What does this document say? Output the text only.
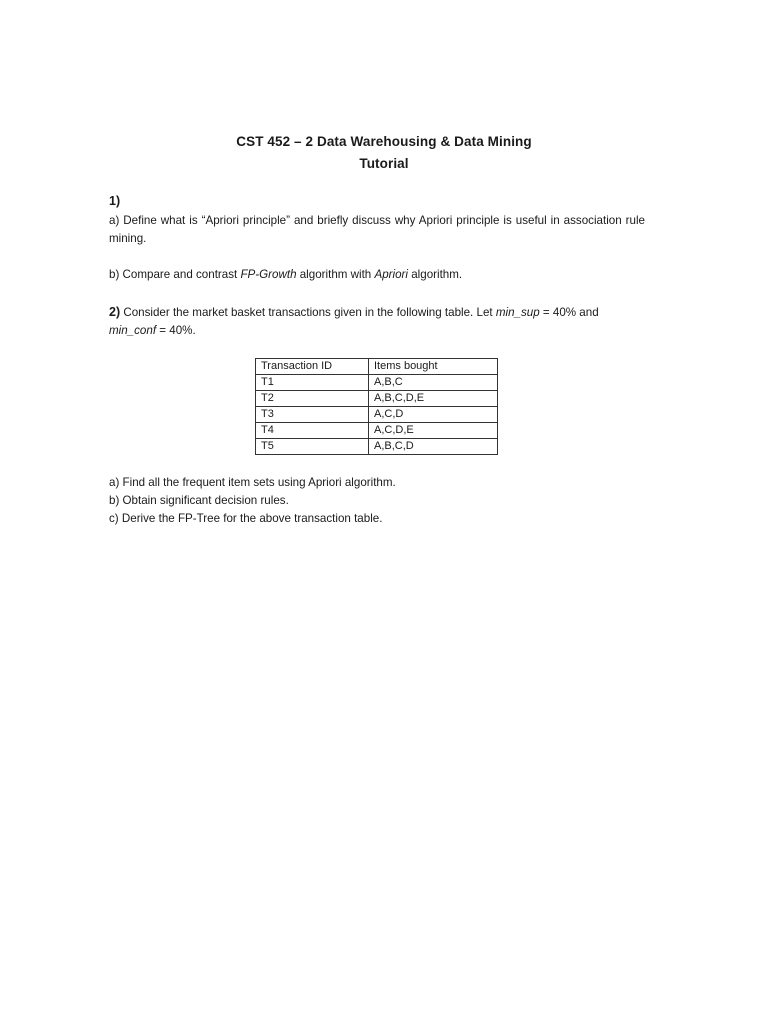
CST 452 – 2 Data Warehousing & Data Mining
Tutorial
1)
a) Define what is “Apriori principle” and briefly discuss why Apriori principle is useful in association rule mining.
b) Compare and contrast FP-Growth algorithm with Apriori algorithm.
2) Consider the market basket transactions given in the following table. Let min_sup = 40% and
min_conf = 40%.
Transaction ID	Items bought
T1	A,B,C
T2	A,B,C,D,E
T3	A,C,D
T4	A,C,D,E
T5	A,B,C,D
a) Find all the frequent item sets using Apriori algorithm.
b) Obtain significant decision rules.
c) Derive the FP-Tree for the above transaction table.
